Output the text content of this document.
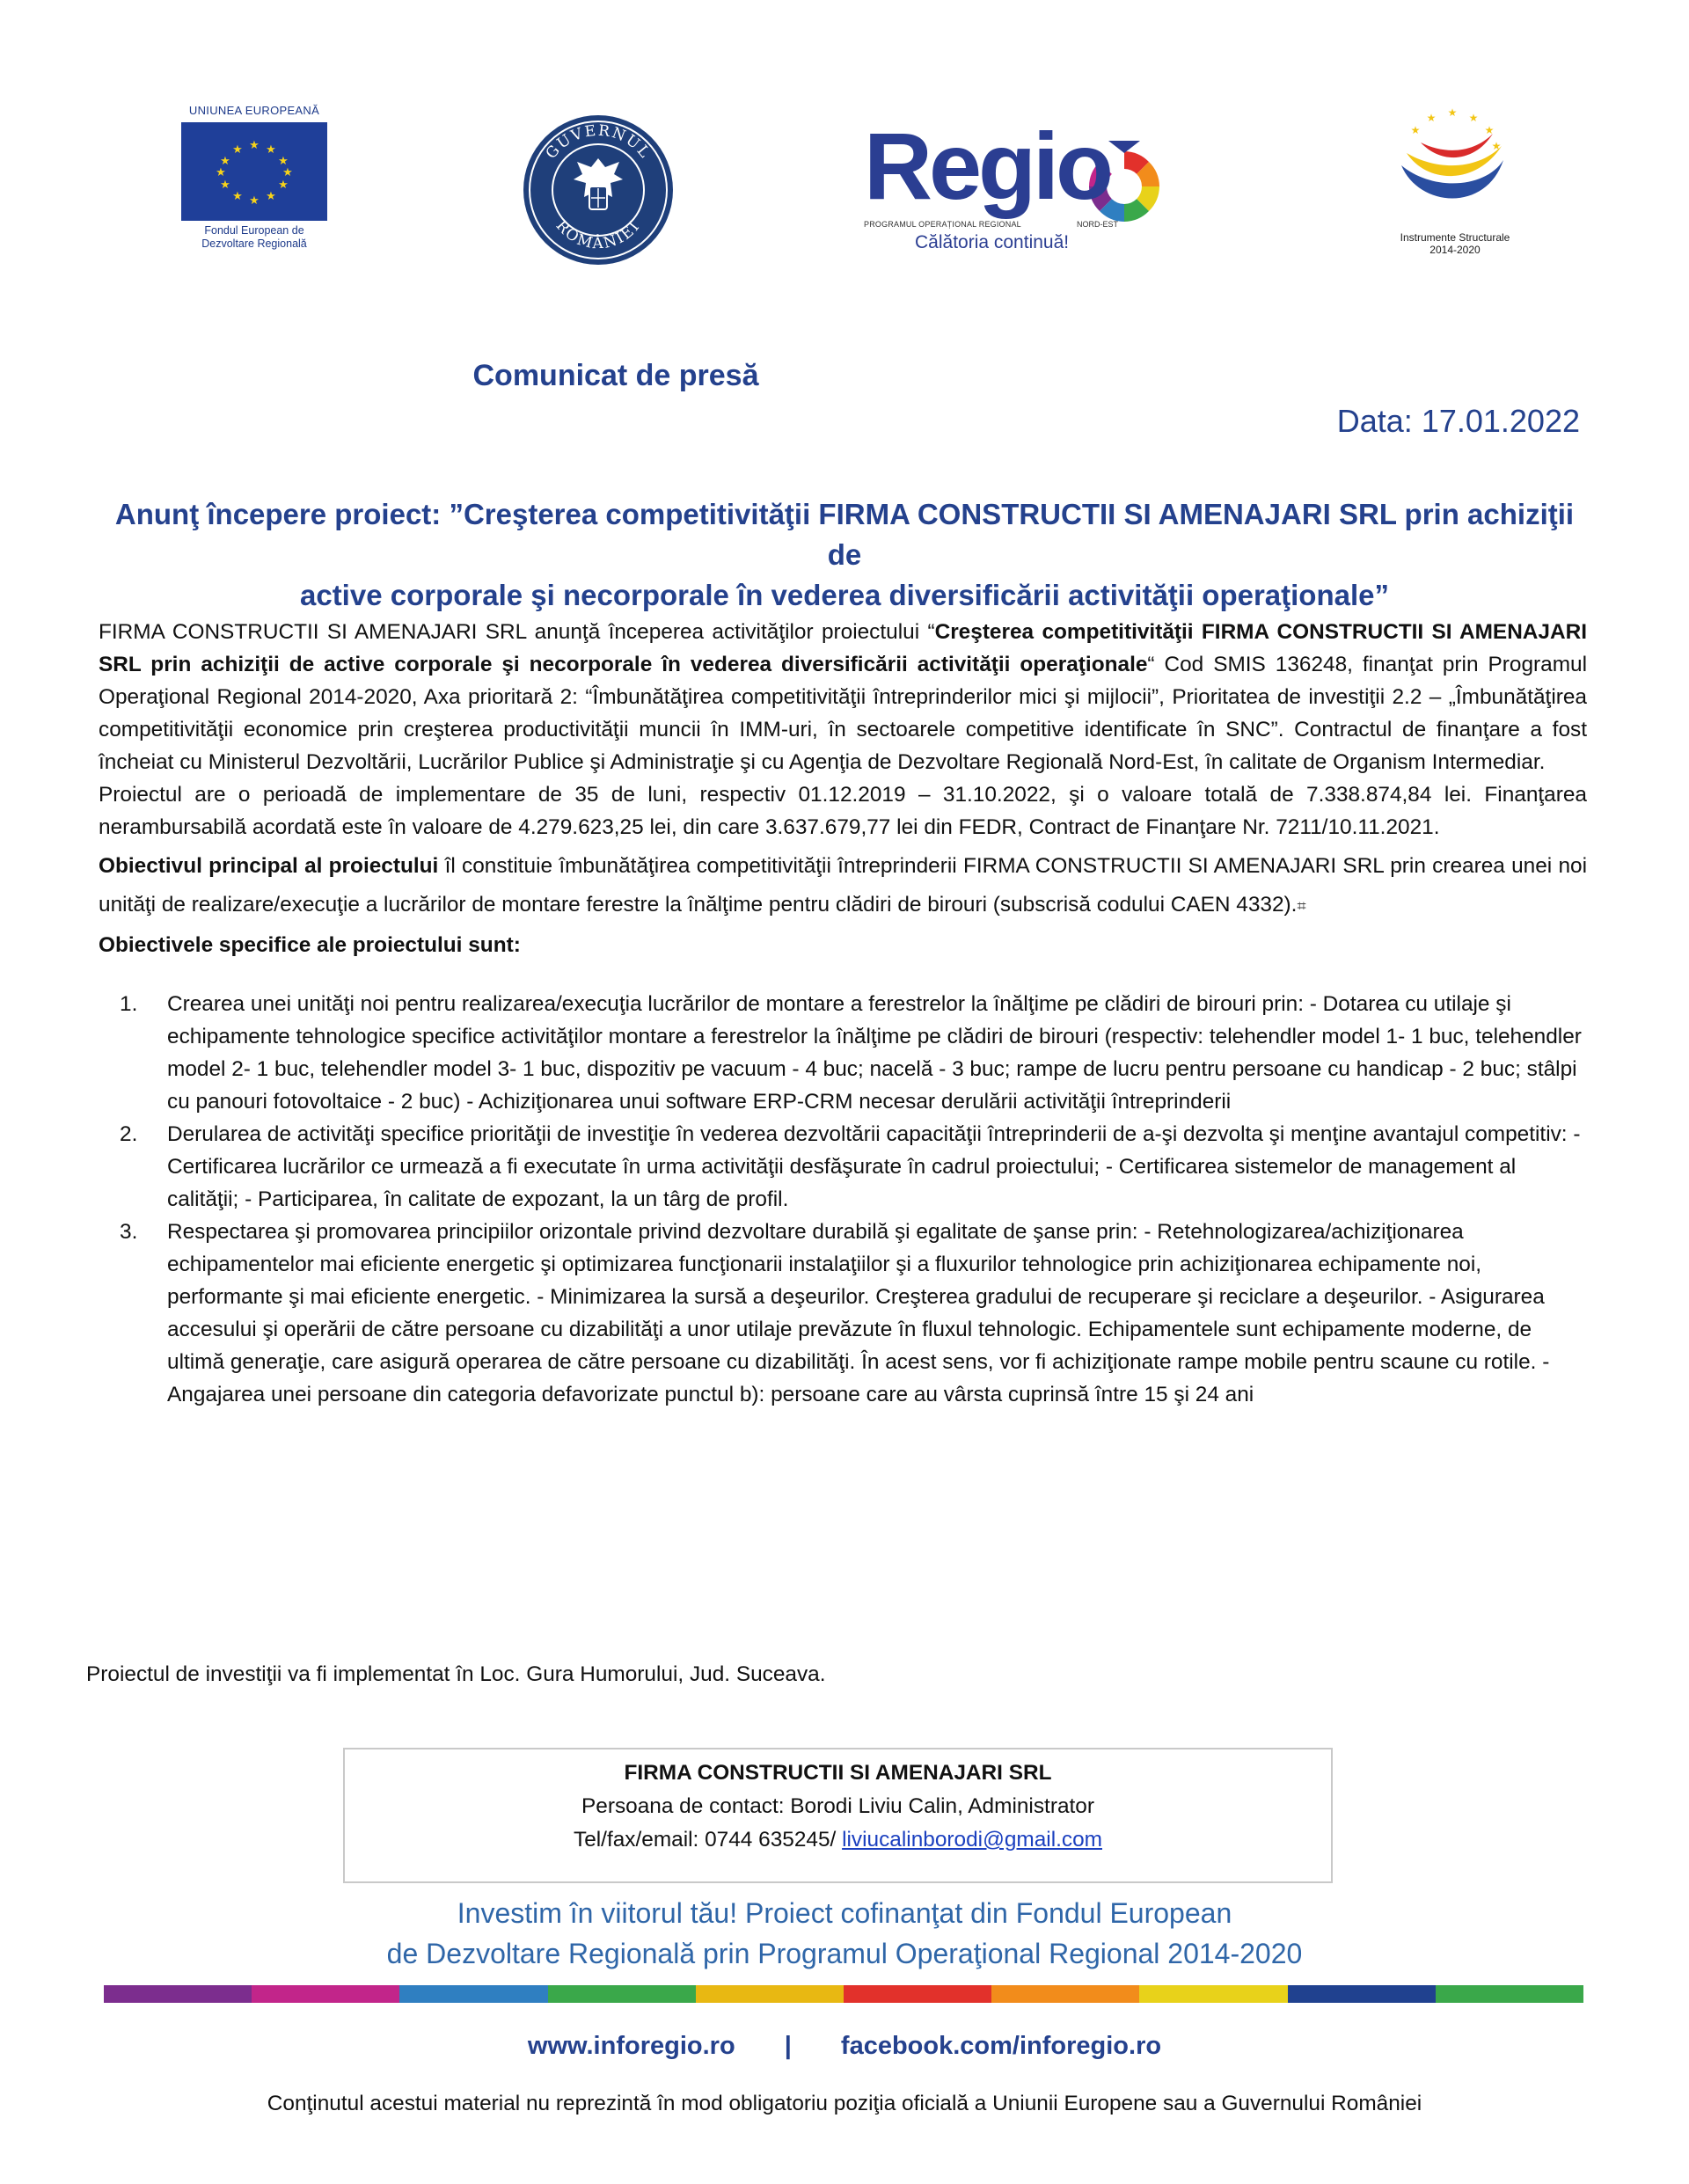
UNIUNEA EUROPEANĂ
★ ★
★
★
★
★
★
★
★
★
★
★
Fondul European de
Dezvoltare Regională
GUVERNUL
ROMÂNIEI
Regio
PROGRAMUL OPERAȚIONAL REGIONAL	NORD-EST
Călătoria continuă!
★ ★
★
★
★
★
Instrumente Structurale
2014-2020
Comunicat de presă
Data: 17.01.2022
Anunţ începere proiect: ”Creşterea competitivităţii FIRMA CONSTRUCTII SI AMENAJARI SRL prin achiziţii de
active corporale şi necorporale în vederea diversificării activităţii operaţionale”

FIRMA CONSTRUCTII SI AMENAJARI SRL anunţă începerea activităţilor proiectului “Creşterea competitivităţii FIRMA CONSTRUCTII SI AMENAJARI SRL prin achiziţii de active corporale şi necorporale în vederea diversificării activităţii operaţionale“ Cod SMIS 136248, finanţat prin Programul Operaţional Regional 2014-2020, Axa prioritară 2: “Îmbunătăţirea competitivităţii întreprinderilor mici şi mijlocii”, Prioritatea de investiţii 2.2 – „Îmbunătăţirea competitivităţii economice prin creşterea productivităţii muncii în IMM-uri, în sectoarele competitive identificate în SNC”. Contractul de finanţare a fost încheiat cu Ministerul Dezvoltării, Lucrărilor Publice şi Administraţie şi cu Agenţia de Dezvoltare Regională Nord-Est, în calitate de Organism Intermediar.

Proiectul are o perioadă de implementare de 35 de luni, respectiv 01.12.2019 – 31.10.2022, şi o valoare totală de 7.338.874,84 lei. Finanţarea nerambursabilă acordată este în valoare de 4.279.623,25 lei, din care 3.637.679,77 lei din FEDR, Contract de Finanţare Nr. 7211/10.11.2021.

Obiectivul principal al proiectului îl constituie îmbunătăţirea competitivităţii întreprinderii FIRMA CONSTRUCTII SI AMENAJARI SRL prin crearea unei noi unităţi de realizare/execuţie a lucrărilor de montare ferestre la înălţime pentru clădiri de birouri (subscrisă codului CAEN 4332).⌗

Obiectivele specifice ale proiectului sunt:

1. Crearea unei unităţi noi pentru realizarea/execuţia lucrărilor de montare a ferestrelor la înălţime pe clădiri de birouri prin: - Dotarea cu utilaje şi echipamente tehnologice specifice activităţilor montare a ferestrelor la înălţime pe clădiri de birouri (respectiv: telehendler model 1- 1 buc, telehendler model 2- 1 buc, telehendler model 3- 1 buc, dispozitiv pe vacuum - 4 buc; nacelă - 3 buc; rampe de lucru pentru persoane cu handicap - 2 buc; stâlpi cu panouri fotovoltaice - 2 buc) - Achiziţionarea unui software ERP-CRM necesar derulării activităţii întreprinderii
2. Derularea de activităţi specifice priorităţii de investiţie în vederea dezvoltării capacităţii întreprinderii de a-şi dezvolta şi menţine avantajul competitiv: - Certificarea lucrărilor ce urmează a fi executate în urma activităţii desfăşurate în cadrul proiectului; - Certificarea sistemelor de management al calităţii; - Participarea, în calitate de expozant, la un târg de profil.
3. Respectarea şi promovarea principiilor orizontale privind dezvoltare durabilă şi egalitate de şanse prin: - Retehnologizarea/achiziţionarea echipamentelor mai eficiente energetic şi optimizarea funcţionarii instalaţiilor şi a fluxurilor tehnologice prin achiziţionarea echipamente noi, performante şi mai eficiente energetic. - Minimizarea la sursă a deşeurilor. Creşterea gradului de recuperare şi reciclare a deşeurilor. - Asigurarea accesului şi operării de către persoane cu dizabilităţi a unor utilaje prevăzute în fluxul tehnologic. Echipamentele sunt echipamente moderne, de ultimă generaţie, care asigură operarea de către persoane cu dizabilităţi. În acest sens, vor fi achiziţionate rampe mobile pentru scaune cu rotile. - Angajarea unei persoane din categoria defavorizate punctul b): persoane care au vârsta cuprinsă între 15 şi 24 ani
Proiectul de investiţii va fi implementat în Loc. Gura Humorului, Jud. Suceava.
FIRMA CONSTRUCTII SI AMENAJARI SRL
Persoana de contact: Borodi Liviu Calin, Administrator
Tel/fax/email: 0744 635245/ liviucalinborodi@gmail.com
Investim în viitorul tău! Proiect cofinanţat din Fondul European
de Dezvoltare Regională prin Programul Operaţional Regional 2014-2020
www.inforegio.ro | facebook.com/inforegio.ro
Conţinutul acestui material nu reprezintă în mod obligatoriu poziţia oficială a Uniunii Europene sau a Guvernului României
